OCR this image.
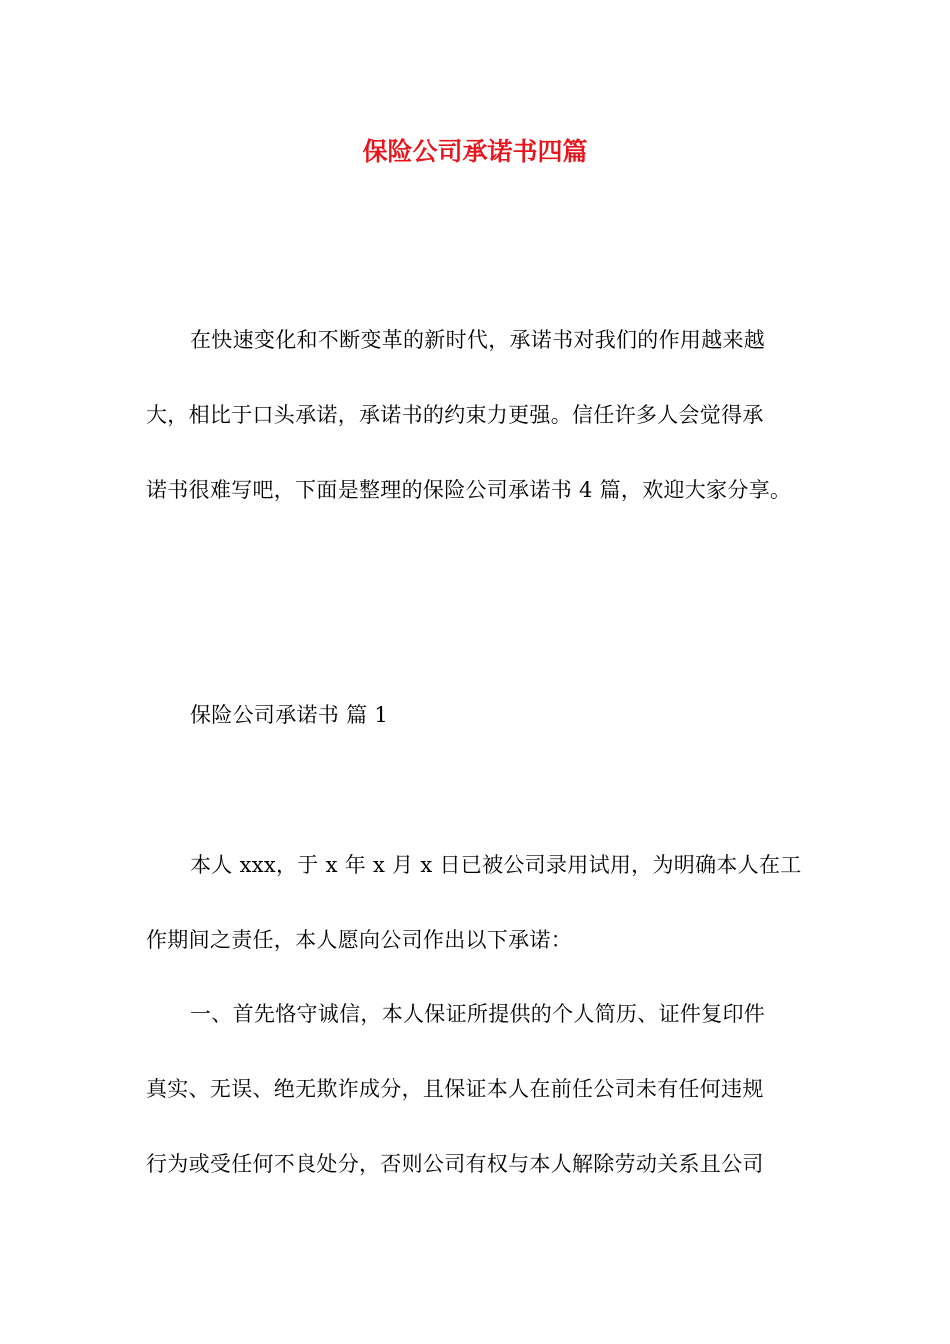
保险公司承诺书四篇
在快速变化和不断变革的新时代，承诺书对我们的作用越来越
大，相比于口头承诺，承诺书的约束力更强。信任许多人会觉得承
诺书很难写吧，下面是整理的保险公司承诺书 4 篇，欢迎大家分享。
保险公司承诺书 篇 1
本人 xxx，于 x 年 x 月 x 日已被公司录用试用，为明确本人在工
作期间之责任，本人愿向公司作出以下承诺：
一、首先恪守诚信，本人保证所提供的个人简历、证件复印件
真实、无误、绝无欺诈成分，且保证本人在前任公司未有任何违规
行为或受任何不良处分，否则公司有权与本人解除劳动关系且公司
